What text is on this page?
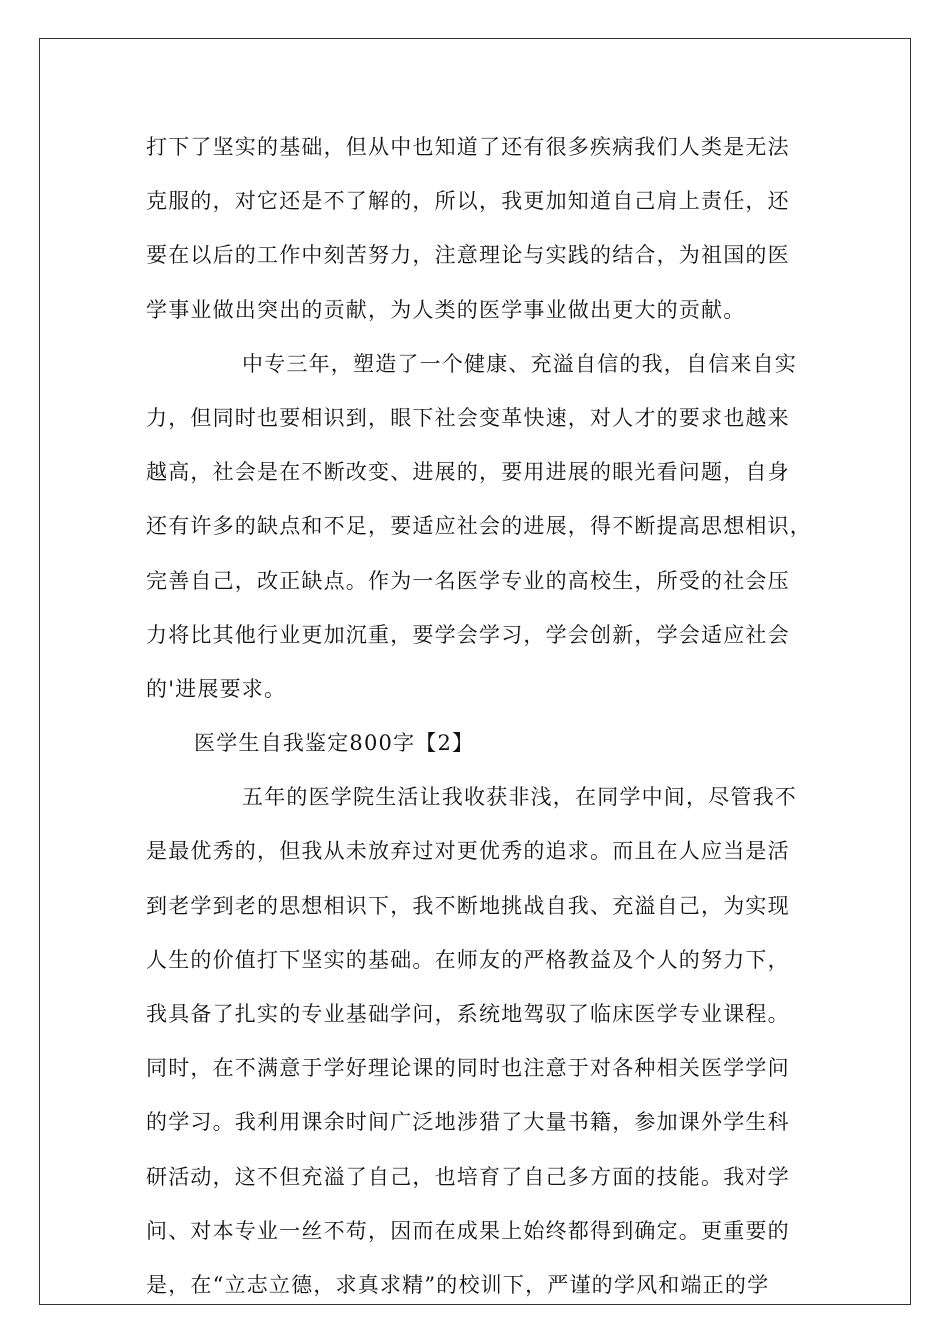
打下了坚实的基础，但从中也知道了还有很多疾病我们人类是无法
克服的，对它还是不了解的，所以，我更加知道自己肩上责任，还
要在以后的工作中刻苦努力，注意理论与实践的结合，为祖国的医
学事业做出突出的贡献，为人类的医学事业做出更大的贡献。
中专三年，塑造了一个健康、充溢自信的我，自信来自实
力，但同时也要相识到，眼下社会变革快速，对人才的要求也越来
越高，社会是在不断改变、进展的，要用进展的眼光看问题，自身
还有许多的缺点和不足，要适应社会的进展，得不断提高思想相识，
完善自己，改正缺点。作为一名医学专业的高校生，所受的社会压
力将比其他行业更加沉重，要学会学习，学会创新，学会适应社会
的'进展要求。
医学生自我鉴定800字【2】
五年的医学院生活让我收获非浅，在同学中间，尽管我不
是最优秀的，但我从未放弃过对更优秀的追求。而且在人应当是活
到老学到老的思想相识下，我不断地挑战自我、充溢自己，为实现
人生的价值打下坚实的基础。在师友的严格教益及个人的努力下，
我具备了扎实的专业基础学问，系统地驾驭了临床医学专业课程。
同时，在不满意于学好理论课的同时也注意于对各种相关医学学问
的学习。我利用课余时间广泛地涉猎了大量书籍，参加课外学生科
研活动，这不但充溢了自己，也培育了自己多方面的技能。我对学
问、对本专业一丝不苟，因而在成果上始终都得到确定。更重要的
是，在“立志立德，求真求精”的校训下，严谨的学风和端正的学
